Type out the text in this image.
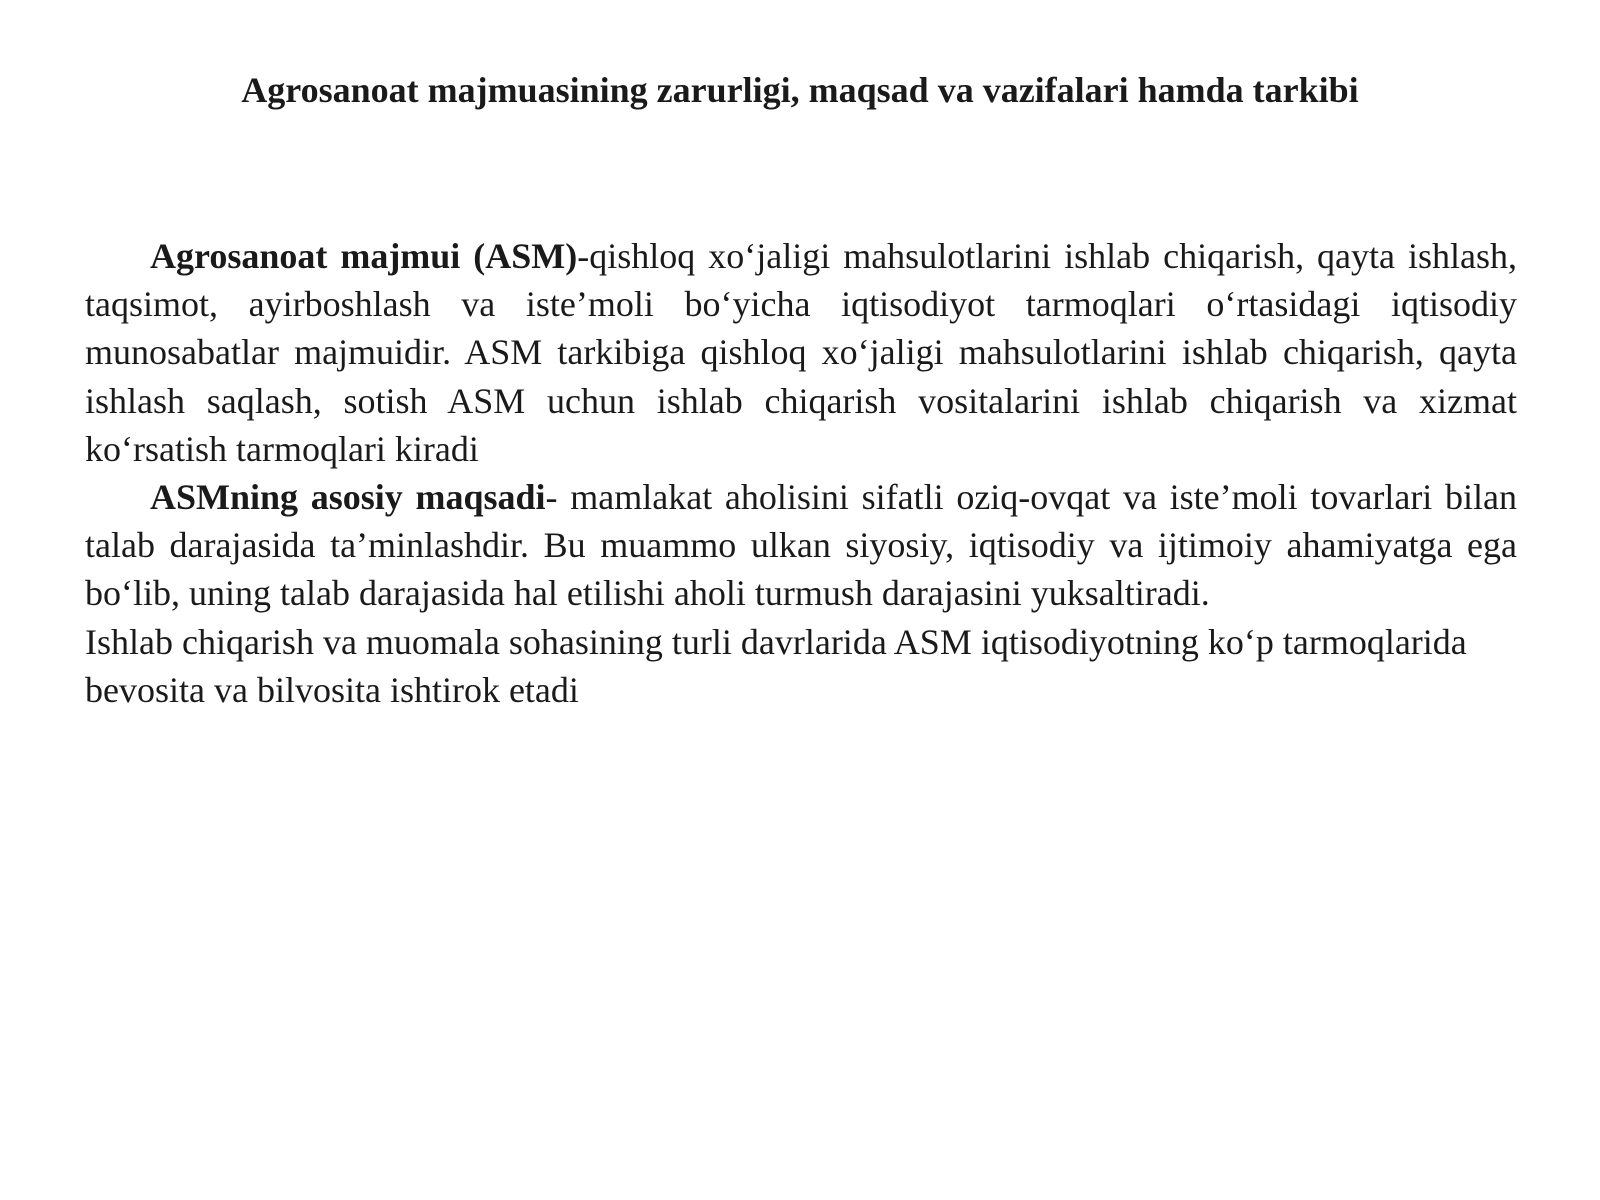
Agrosanoat majmuasining zarurligi, maqsad va vazifalari hamda tarkibi

Agrosanoat majmui (ASM)-qishloq xo‘jaligi mahsulotlarini ishlab chiqarish, qayta ishlash, taqsimot, ayirboshlash va iste’moli bo‘yicha iqtisodiyot tarmoqlari o‘rtasidagi iqtisodiy munosabatlar majmuidir. ASM tarkibiga qishloq xo‘jaligi mahsulotlarini ishlab chiqarish, qayta ishlash saqlash, sotish ASM uchun ishlab chiqarish vositalarini ishlab chiqarish va xizmat ko‘rsatish tarmoqlari kiradi

ASMning asosiy maqsadi- mamlakat aholisini sifatli oziq-ovqat va iste’moli tovarlari bilan talab darajasida ta’minlashdir. Bu muammo ulkan siyosiy, iqtisodiy va ijtimoiy ahamiyatga ega bo‘lib, uning talab darajasida hal etilishi aholi turmush darajasini yuksaltiradi.

Ishlab chiqarish va muomala sohasining turli davrlarida ASM iqtisodiyotning ko‘p tarmoqlarida bevosita va bilvosita ishtirok etadi
